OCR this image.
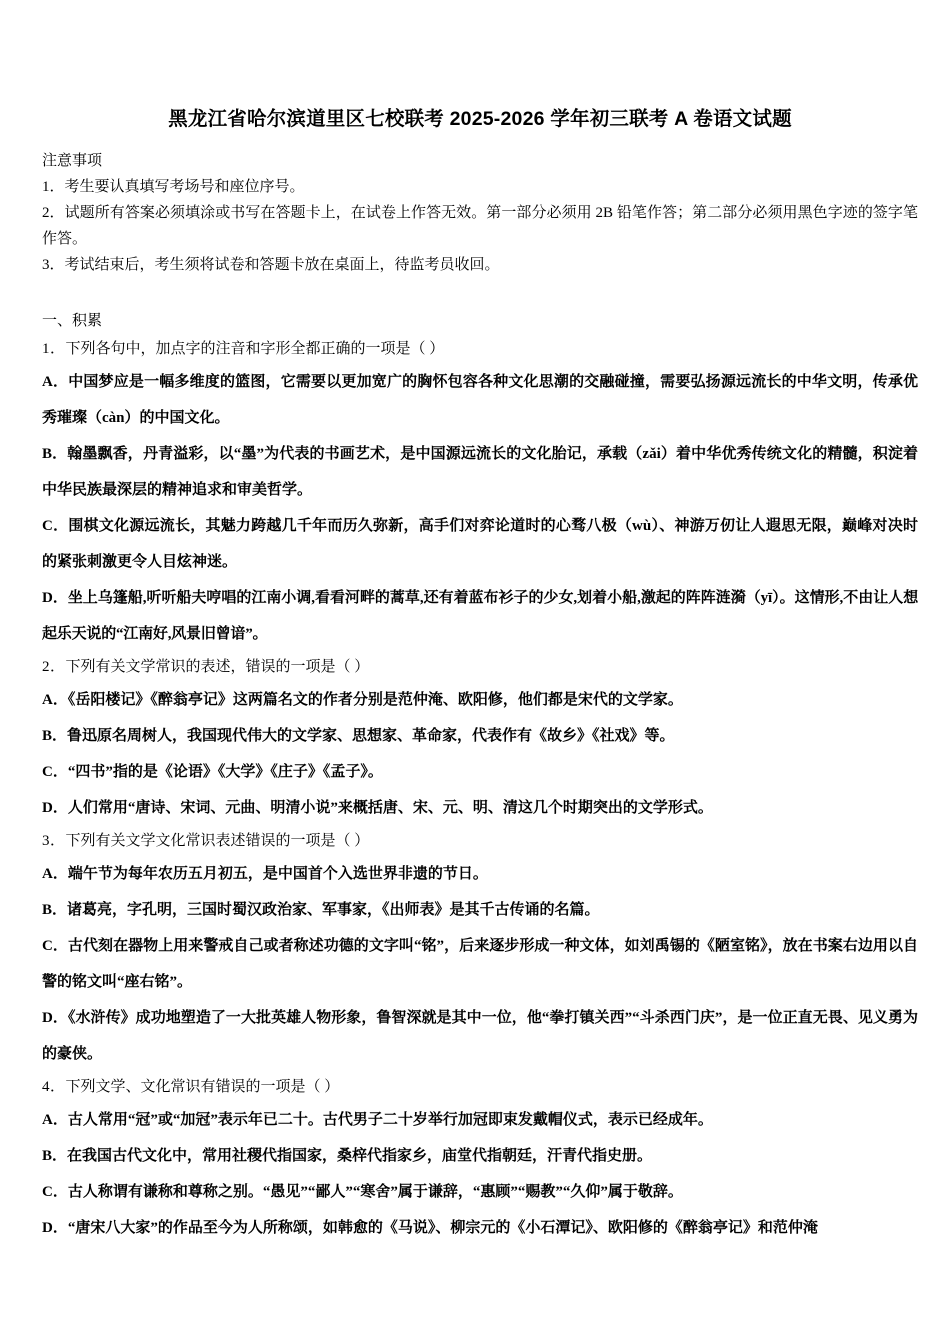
黑龙江省哈尔滨道里区七校联考 2025-2026 学年初三联考 A 卷语文试题

注意事项

1．考生要认真填写考场号和座位序号。

2．试题所有答案必须填涂或书写在答题卡上，在试卷上作答无效。第一部分必须用 2B 铅笔作答；第二部分必须用黑色字迹的签字笔作答。

3．考试结束后，考生须将试卷和答题卡放在桌面上，待监考员收回。

一、积累

1．下列各句中，加点字的注音和字形全都正确的一项是（ ）

A．中国梦应是一幅多维度的篮图，它需要以更加宽广的胸怀包容各种文化思潮的交融碰撞，需要弘扬源远流长的中华文明，传承优秀璀璨（càn）的中国文化。

B．翰墨飘香，丹青溢彩，以“墨”为代表的书画艺术，是中国源远流长的文化胎记，承载（zǎi）着中华优秀传统文化的精髓，积淀着中华民族最深层的精神追求和审美哲学。

C．围棋文化源远流长，其魅力跨越几千年而历久弥新，高手们对弈论道时的心骛八极（wù）、神游万仞让人遐思无限，巅峰对决时的紧张刺激更令人目炫神迷。

D．坐上乌篷船,听听船夫哼唱的江南小调,看看河畔的蒿草,还有着蓝布衫子的少女,划着小船,激起的阵阵涟漪（yī）。这情形,不由让人想起乐天说的“江南好,风景旧曾谙”。

2．下列有关文学常识的表述，错误的一项是（ ）

A．《岳阳楼记》《醉翁亭记》这两篇名文的作者分别是范仲淹、欧阳修，他们都是宋代的文学家。

B．鲁迅原名周树人，我国现代伟大的文学家、思想家、革命家，代表作有《故乡》《社戏》等。

C．“四书”指的是《论语》《大学》《庄子》《孟子》。

D．人们常用“唐诗、宋词、元曲、明清小说”来概括唐、宋、元、明、清这几个时期突出的文学形式。

3．下列有关文学文化常识表述错误的一项是（ ）

A．端午节为每年农历五月初五，是中国首个入选世界非遗的节日。

B．诸葛亮，字孔明，三国时蜀汉政治家、军事家，《出师表》是其千古传诵的名篇。

C．古代刻在器物上用来警戒自己或者称述功德的文字叫“铭”，后来逐步形成一种文体，如刘禹锡的《陋室铭》，放在书案右边用以自警的铭文叫“座右铭”。

D．《水浒传》成功地塑造了一大批英雄人物形象，鲁智深就是其中一位，他“拳打镇关西”“斗杀西门庆”，是一位正直无畏、见义勇为的豪侠。

4．下列文学、文化常识有错误的一项是（ ）

A．古人常用“冠”或“加冠”表示年已二十。古代男子二十岁举行加冠即束发戴帽仪式，表示已经成年。

B．在我国古代文化中，常用社稷代指国家，桑梓代指家乡，庙堂代指朝廷，汗青代指史册。

C．古人称谓有谦称和尊称之别。“愚见”“鄙人”“寒舍”属于谦辞，“惠顾”“赐教”“久仰”属于敬辞。

D．“唐宋八大家”的作品至今为人所称颂，如韩愈的《马说》、柳宗元的《小石潭记》、欧阳修的《醉翁亭记》和范仲淹
